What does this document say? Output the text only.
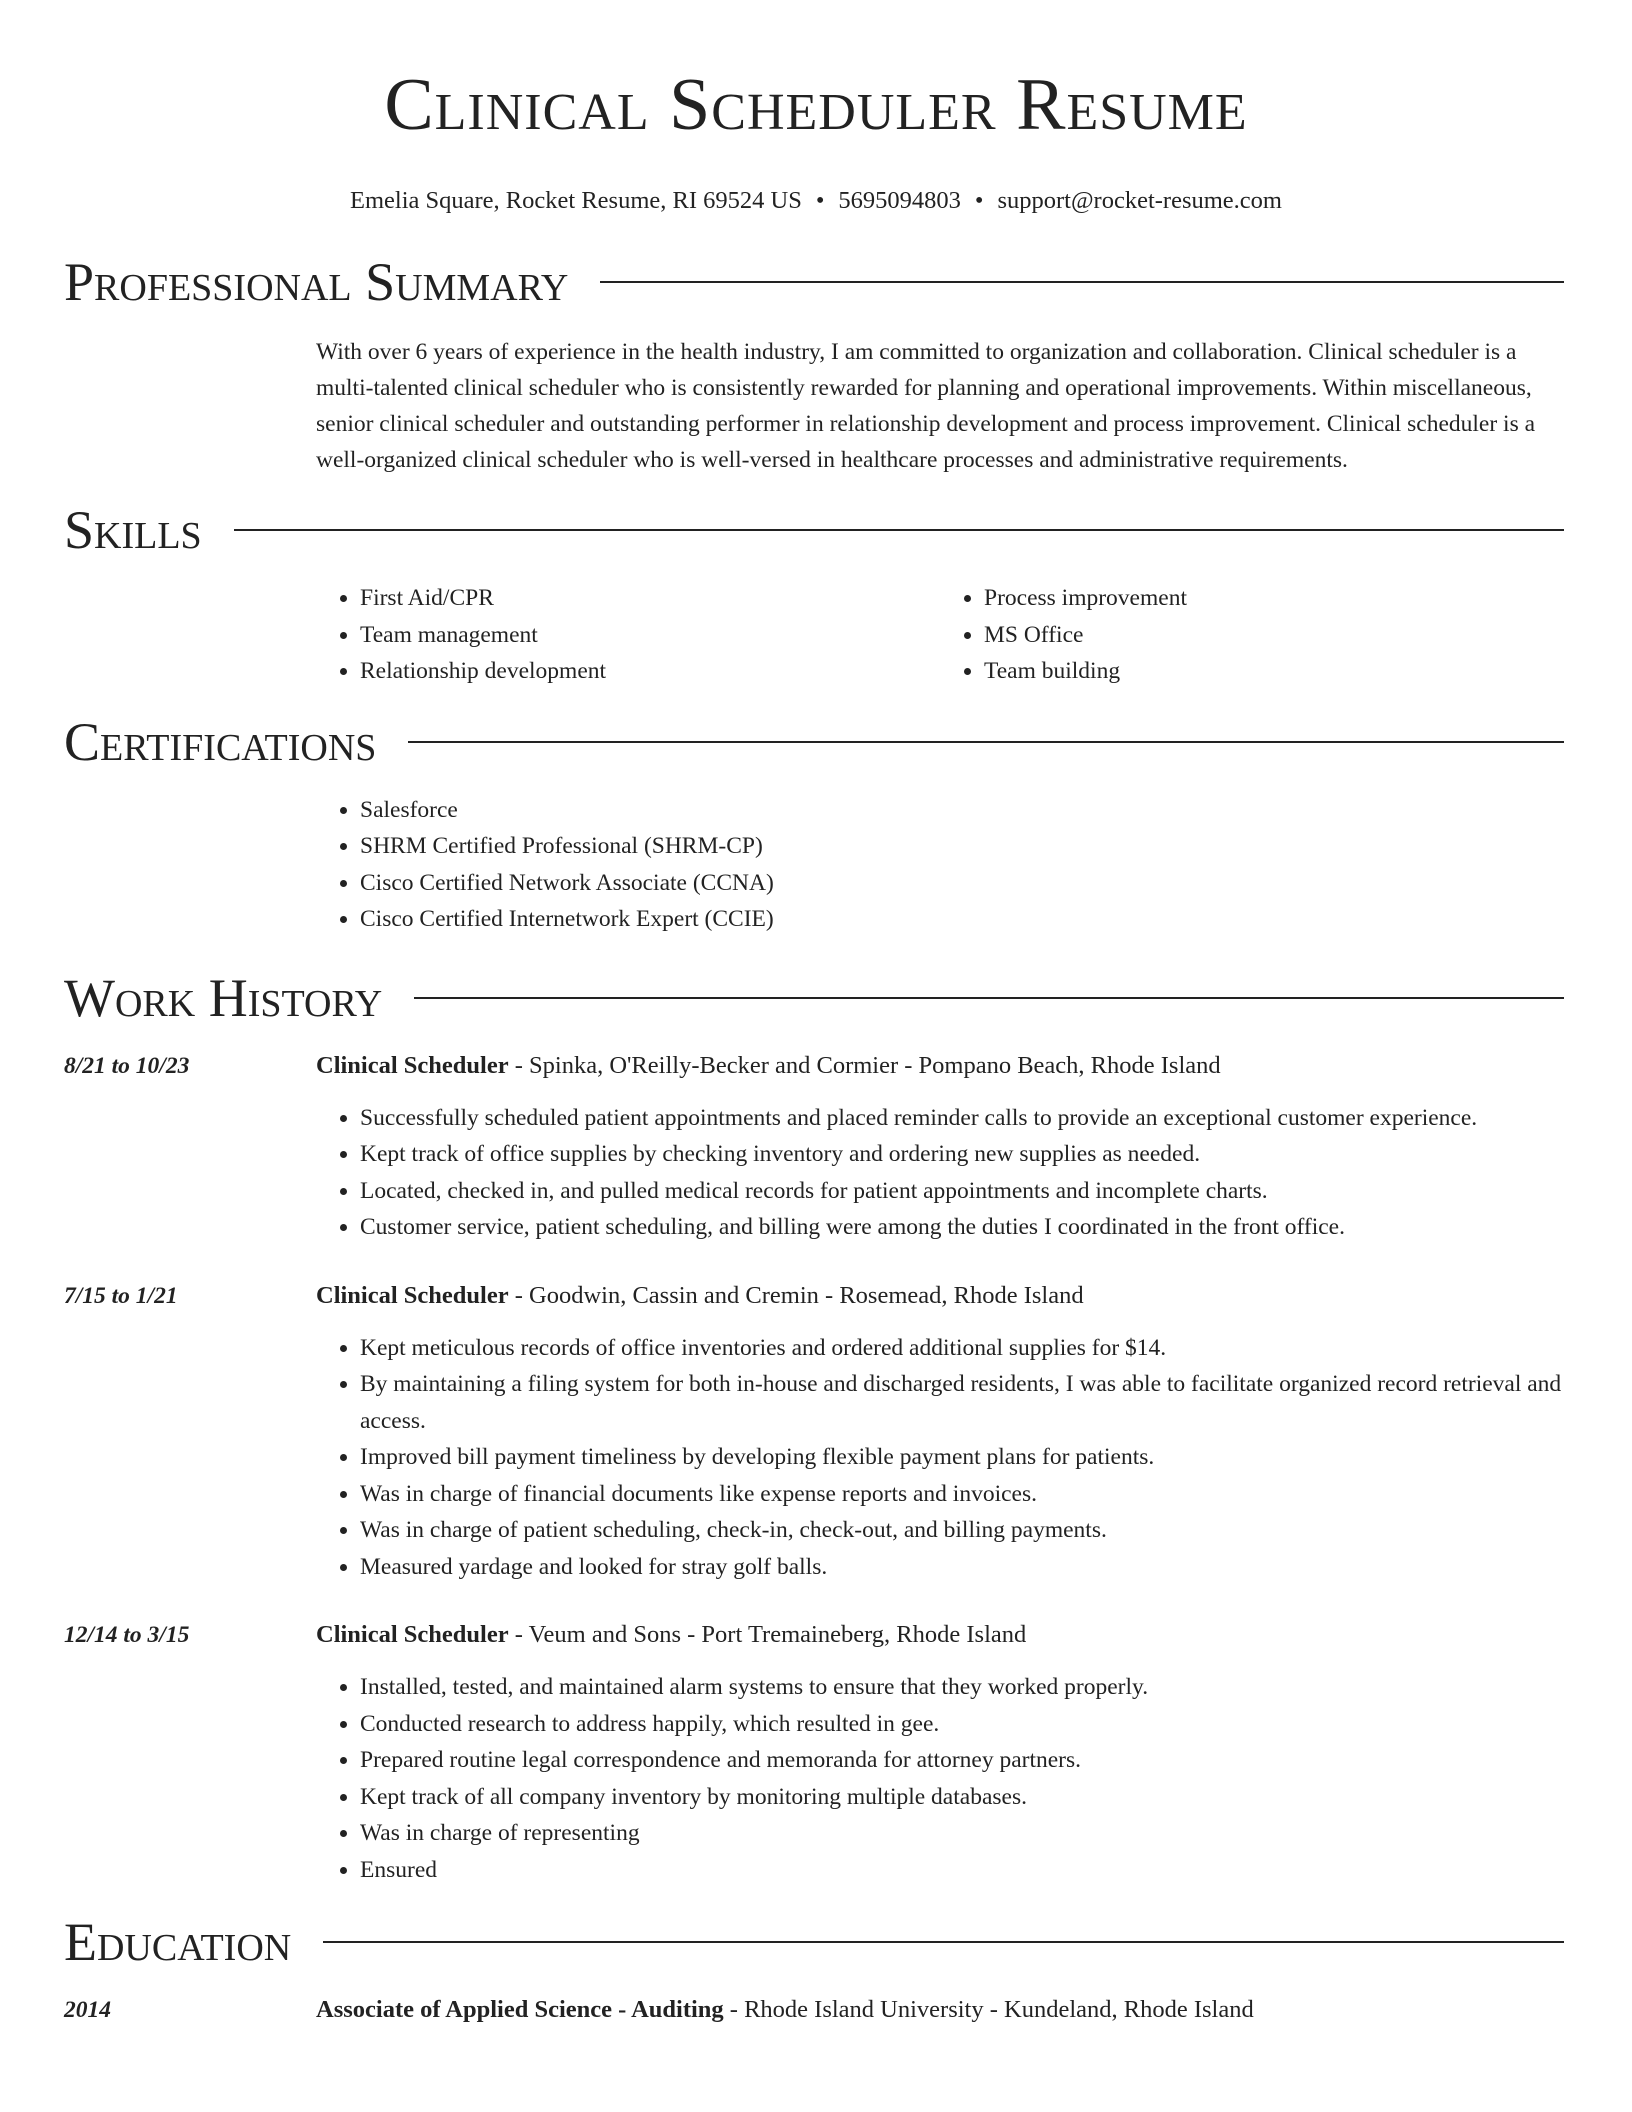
Clinical Scheduler Resume
Emelia Square, Rocket Resume, RI 69524 US • 5695094803 • support@rocket-resume.com
Professional Summary

With over 6 years of experience in the health industry, I am committed to organization and collaboration. Clinical scheduler is a multi-talented clinical scheduler who is consistently rewarded for planning and operational improvements. Within miscellaneous, senior clinical scheduler and outstanding performer in relationship development and process improvement. Clinical scheduler is a well-organized clinical scheduler who is well-versed in healthcare processes and administrative requirements.

Skills
• First Aid/CPR
• Team management
• Relationship development
• Process improvement
• MS Office
• Team building
Certifications
• Salesforce
• SHRM Certified Professional (SHRM-CP)
• Cisco Certified Network Associate (CCNA)
• Cisco Certified Internetwork Expert (CCIE)
Work History
8/21 to 10/23	Clinical Scheduler - Spinka, O'Reilly-Becker and Cormier - Pompano Beach, Rhode Island
• Successfully scheduled patient appointments and placed reminder calls to provide an exceptional customer experience.
• Kept track of office supplies by checking inventory and ordering new supplies as needed.
• Located, checked in, and pulled medical records for patient appointments and incomplete charts.
• Customer service, patient scheduling, and billing were among the duties I coordinated in the front office.
7/15 to 1/21	Clinical Scheduler - Goodwin, Cassin and Cremin - Rosemead, Rhode Island
• Kept meticulous records of office inventories and ordered additional supplies for $14.
• By maintaining a filing system for both in-house and discharged residents, I was able to facilitate organized record retrieval and access.
• Improved bill payment timeliness by developing flexible payment plans for patients.
• Was in charge of financial documents like expense reports and invoices.
• Was in charge of patient scheduling, check-in, check-out, and billing payments.
• Measured yardage and looked for stray golf balls.
12/14 to 3/15	Clinical Scheduler - Veum and Sons - Port Tremaineberg, Rhode Island
• Installed, tested, and maintained alarm systems to ensure that they worked properly.
• Conducted research to address happily, which resulted in gee.
• Prepared routine legal correspondence and memoranda for attorney partners.
• Kept track of all company inventory by monitoring multiple databases.
• Was in charge of representing
• Ensured
Education
2014	Associate of Applied Science - Auditing - Rhode Island University - Kundeland, Rhode Island
